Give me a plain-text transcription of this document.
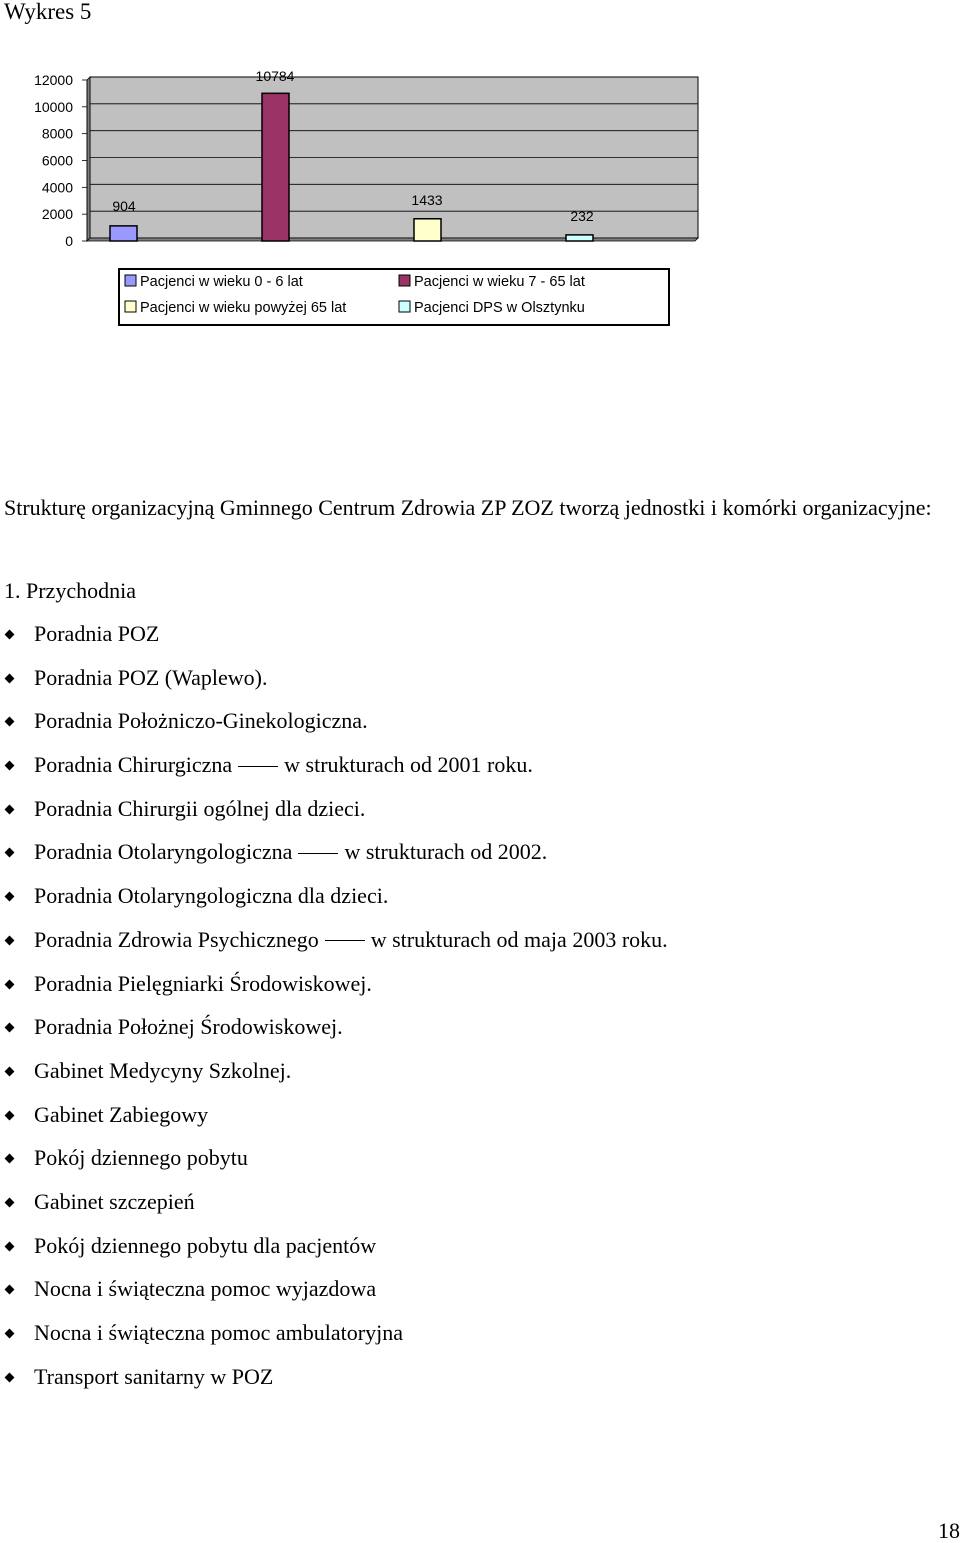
Wykres 5
0
2000
4000
6000
8000
10000
12000
904
10784
1433
232
Pacjenci w wieku 0 - 6 lat	Pacjenci w wieku 7 - 65 lat
Pacjenci w wieku powyżej 65 lat	Pacjenci DPS w Olsztynku

Strukturę organizacyjną Gminnego Centrum Zdrowia ZP ZOZ tworzą jednostki i komórki organizacyjne:

1. Przychodnia
Poradnia POZ
Poradnia POZ (Waplewo).
Poradnia Położniczo-Ginekologiczna.
Poradnia Chirurgiczna w strukturach od 2001 roku.
Poradnia Chirurgii ogólnej dla dzieci.
Poradnia Otolaryngologiczna w strukturach od 2002.
Poradnia Otolaryngologiczna dla dzieci.
Poradnia Zdrowia Psychicznego w strukturach od maja 2003 roku.
Poradnia Pielęgniarki Środowiskowej.
Poradnia Położnej Środowiskowej.
Gabinet Medycyny Szkolnej.
Gabinet Zabiegowy
Pokój dziennego pobytu
Gabinet szczepień
Pokój dziennego pobytu dla pacjentów
Nocna i świąteczna pomoc wyjazdowa
Nocna i świąteczna pomoc ambulatoryjna
Transport sanitarny w POZ
18
